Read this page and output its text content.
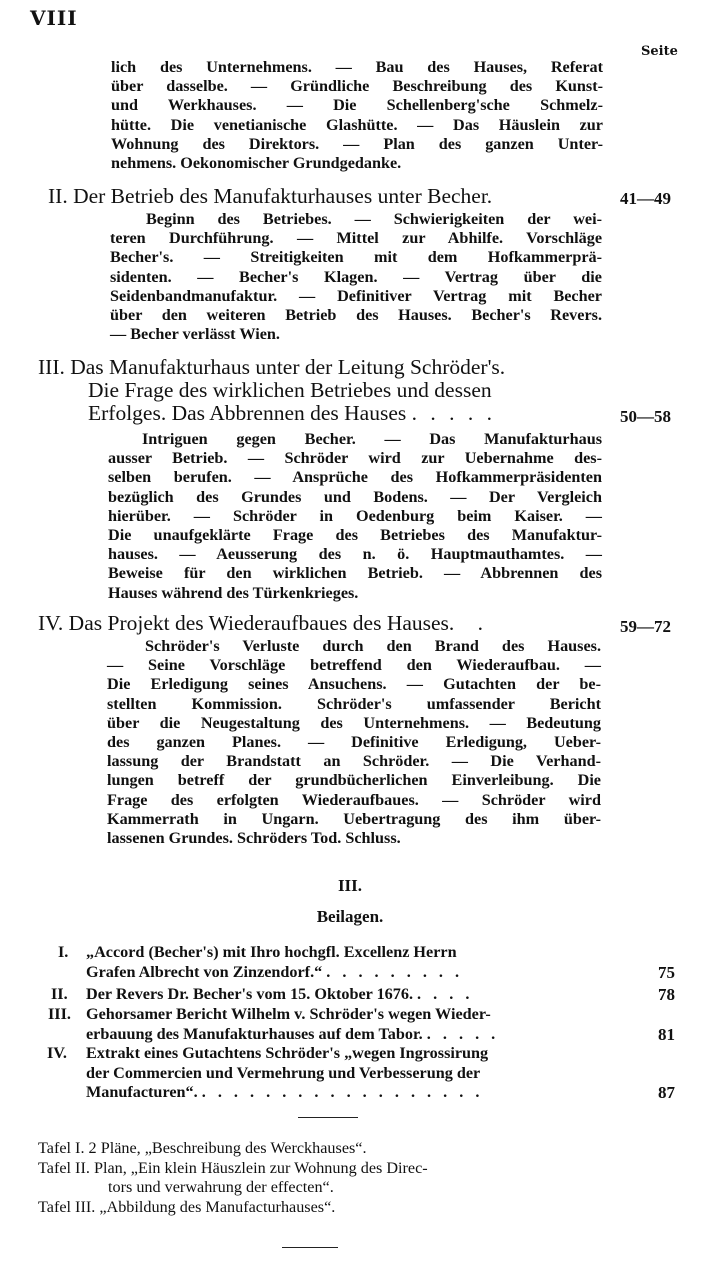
VIII
Seite
lich des Unternehmens. — Bau des Hauses, Referat
über dasselbe. — Gründliche Beschreibung des Kunst-
und Werkhauses. — Die Schellenberg'sche Schmelz-
hütte. Die venetianische Glashütte. — Das Häuslein zur
Wohnung des Direktors. — Plan des ganzen Unter-
nehmens. Oekonomischer Grundgedanke.
II. Der Betrieb des Manufakturhauses unter Becher.	41—49
Beginn des Betriebes. — Schwierigkeiten der wei-
teren Durchführung. — Mittel zur Abhilfe. Vorschläge
Becher's. — Streitigkeiten mit dem Hofkammerprä-
sidenten. — Becher's Klagen. — Vertrag über die
Seidenbandmanufaktur. — Definitiver Vertrag mit Becher
über den weiteren Betrieb des Hauses. Becher's Revers.
— Becher verlässt Wien.
III. Das Manufakturhaus unter der Leitung Schröder's.
Die Frage des wirklichen Betriebes und dessen
Erfolges. Das Abbrennen des Hauses . . . . .	50—58
Intriguen gegen Becher. — Das Manufakturhaus
ausser Betrieb. — Schröder wird zur Uebernahme des-
selben berufen. — Ansprüche des Hofkammerpräsidenten
bezüglich des Grundes und Bodens. — Der Vergleich
hierüber. — Schröder in Oedenburg beim Kaiser. —
Die unaufgeklärte Frage des Betriebes des Manufaktur-
hauses. — Aeusserung des n. ö. Hauptmauthamtes. —
Beweise für den wirklichen Betrieb. — Abbrennen des
Hauses während des Türkenkrieges.
IV. Das Projekt des Wiederaufbaues des Hauses. .	59—72
Schröder's Verluste durch den Brand des Hauses.
— Seine Vorschläge betreffend den Wiederaufbau. —
Die Erledigung seines Ansuchens. — Gutachten der be-
stellten Kommission. Schröder's umfassender Bericht
über die Neugestaltung des Unternehmens. — Bedeutung
des ganzen Planes. — Definitive Erledigung, Ueber-
lassung der Brandstatt an Schröder. — Die Verhand-
lungen betreff der grundbücherlichen Einverleibung. Die
Frage des erfolgten Wiederaufbaues. — Schröder wird
Kammerrath in Ungarn. Uebertragung des ihm über-
lassenen Grundes. Schröders Tod. Schluss.
III.
Beilagen.
I. „Accord (Becher's) mit Ihro hochgfl. Excellenz Herrn
Grafen Albrecht von Zinzendorf.“ . . . . . . . . .	75
II. Der Revers Dr. Becher's vom 15. Oktober 1676. . . . .	78
III. Gehorsamer Bericht Wilhelm v. Schröder's wegen Wieder-
erbauung des Manufakturhauses auf dem Tabor. . . . . .	81
IV. Extrakt eines Gutachtens Schröder's „wegen Ingrossirung
der Commercien und Vermehrung und Verbesserung der
Manufacturen“. . . . . . . . . . . . . . . . . . .	87
Tafel I. 2 Pläne, „Beschreibung des Werckhauses“.
Tafel II. Plan, „Ein klein Häuszlein zur Wohnung des Direc-
tors und verwahrung der effecten“.
Tafel III. „Abbildung des Manufacturhauses“.
